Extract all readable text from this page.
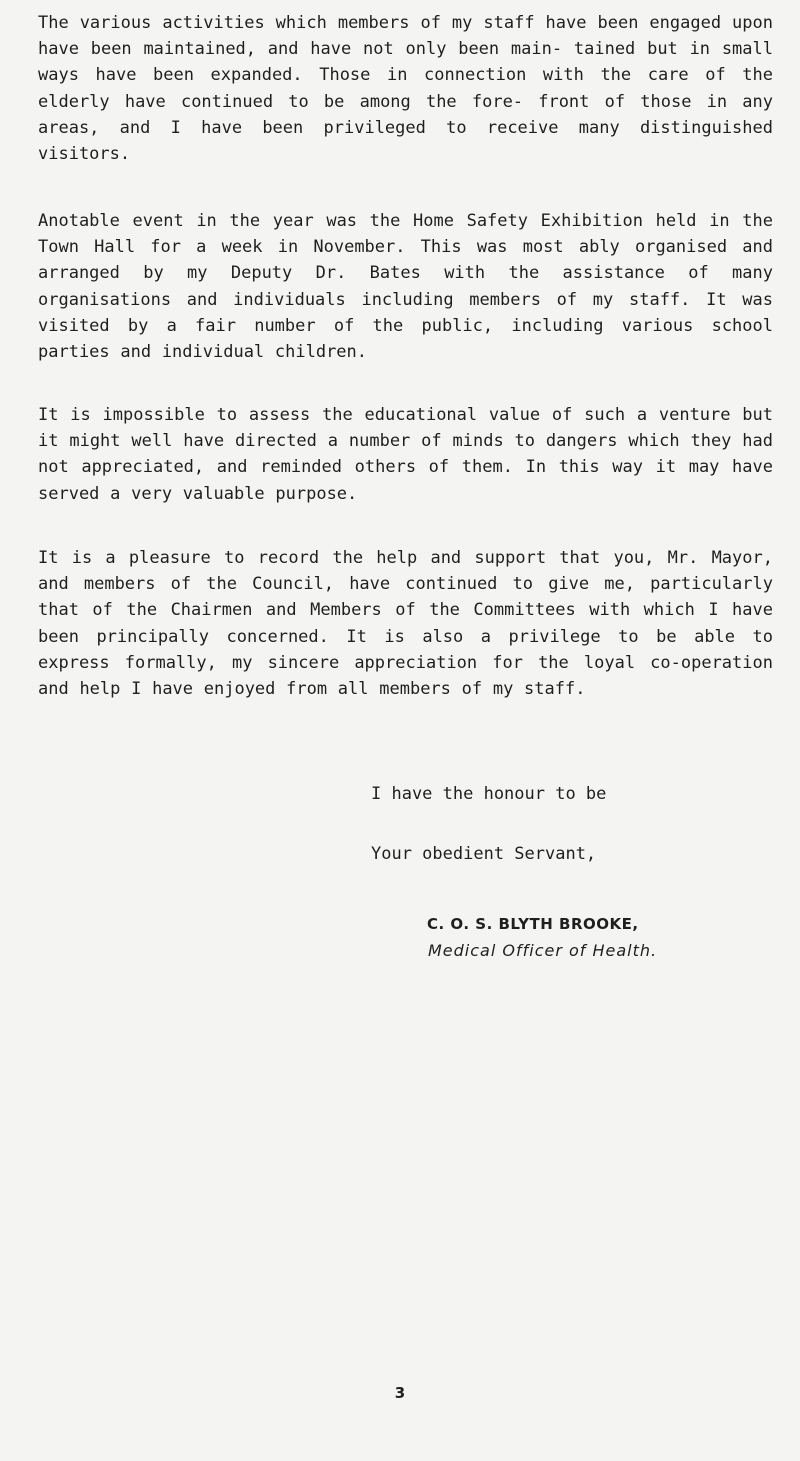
The various activities which members of my staff have been engaged upon have been maintained, and have not only been main‑ tained but in small ways have been expanded. Those in connection with the care of the elderly have continued to be among the fore‑ front of those in any areas, and I have been privileged to receive many distinguished visitors.

Anotable event in the year was the Home Safety Exhibition held in the Town Hall for a week in November. This was most ably organised and arranged by my Deputy Dr. Bates with the assistance of many organisations and individuals including members of my staff. It was visited by a fair number of the public, including various school parties and individual children.

It is impossible to assess the educational value of such a venture but it might well have directed a number of minds to dangers which they had not appreciated, and reminded others of them. In this way it may have served a very valuable purpose.

It is a pleasure to record the help and support that you, Mr. Mayor, and members of the Council, have continued to give me, particularly that of the Chairmen and Members of the Committees with which I have been principally concerned. It is also a privilege to be able to express formally, my sincere appreciation for the loyal co-operation and help I have enjoyed from all members of my staff.

I have the honour to be

Your obedient Servant,

C. O. S. BLYTH BROOKE,

Medical Officer of Health.

3
